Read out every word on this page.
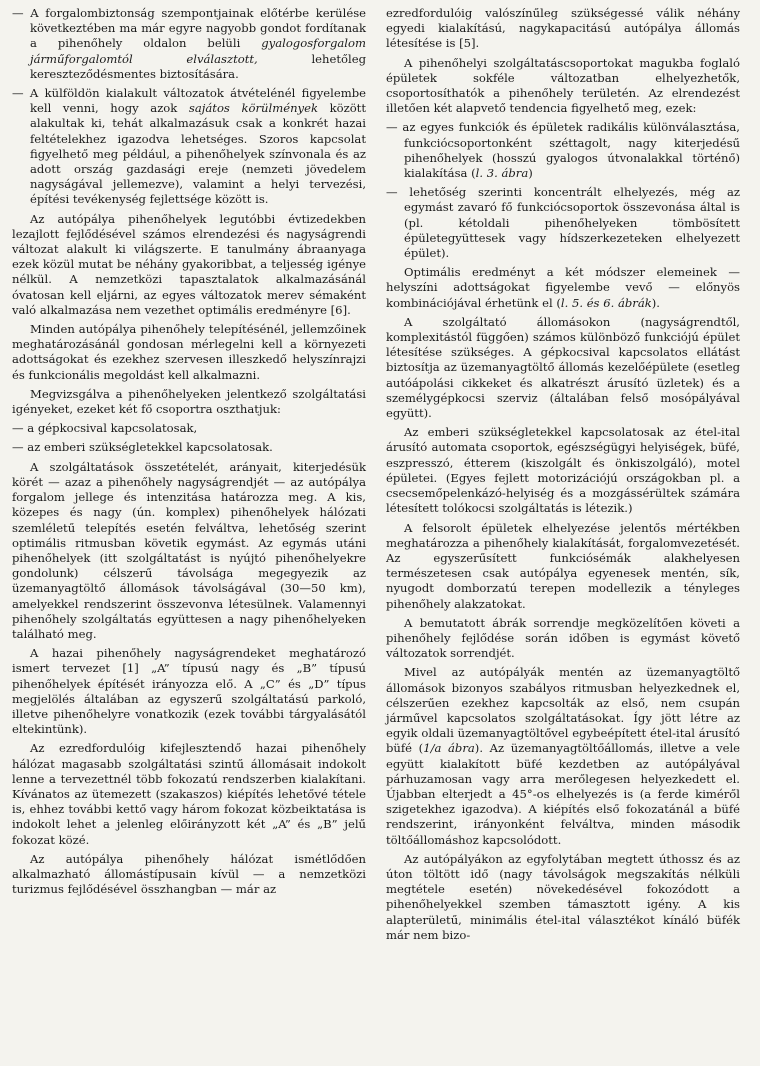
— A forgalombiztonság szempontjainak előtérbe kerülése következtében ma már egyre nagyobb gondot fordítanak a pihenőhely oldalon belüli gyalogosforgalom járműforgalomtól elválasztott, lehetőleg kereszteződésmentes biztosítására.

— A külföldön kialakult változatok átvételénél figyelembe kell venni, hogy azok sajátos körülmények között alakultak ki, tehát alkalmazásuk csak a konkrét hazai feltételekhez igazodva lehetséges. Szoros kapcsolat figyelhető meg például, a pihenőhelyek színvonala és az adott ország gazdasági ereje (nemzeti jövedelem nagyságával jellemezve), valamint a helyi tervezési, építési tevékenység fejlettsége között is.

Az autópálya pihenőhelyek legutóbbi évtizedekben lezajlott fejlődésével számos elrendezési és nagyságrendi változat alakult ki világszerte. E tanulmány ábraanyaga ezek közül mutat be néhány gyakoribbat, a teljesség igénye nélkül. A nemzetközi tapasztalatok alkalmazásánál óvatosan kell eljárni, az egyes változatok merev sémaként való alkalmazása nem vezethet optimális eredményre [6].

Minden autópálya pihenőhely telepítésénél, jellemzőinek meghatározásánál gondosan mérlegelni kell a környezeti adottságokat és ezekhez szervesen illeszkedő helyszínrajzi és funkcionális megoldást kell alkalmazni.

Megvizsgálva a pihenőhelyeken jelentkező szolgáltatási igényeket, ezeket két fő csoportra oszthatjuk:

— a gépkocsival kapcsolatosak,

— az emberi szükségletekkel kapcsolatosak.

A szolgáltatások összetételét, arányait, kiterjedésük körét — azaz a pihenőhely nagyságrendjét — az autópálya forgalom jellege és intenzitása határozza meg. A kis, közepes és nagy (ún. komplex) pihenőhelyek hálózati szemléletű telepítés esetén felváltva, lehetőség szerint optimális ritmusban követik egymást. Az egymás utáni pihenőhelyek (itt szolgáltatást is nyújtó pihenőhelyekre gondolunk) célszerű távolsága megegyezik az üzemanyagtöltő állomások távolságával (30—50 km), amelyekkel rendszerint összevonva létesülnek. Valamennyi pihenőhely szolgáltatás együttesen a nagy pihenőhelyeken található meg.

A hazai pihenőhely nagyságrendeket meghatározó ismert tervezet [1] „A” típusú nagy és „B” típusú pihenőhelyek építését irányozza elő. A „C” és „D” típus megjelölés általában az egyszerű szolgáltatású parkoló, illetve pihenőhelyre vonatkozik (ezek további tárgyalásától eltekintünk).

Az ezredfordulóig kifejlesztendő hazai pihenőhely hálózat magasabb szolgáltatási szintű állomásait indokolt lenne a tervezettnél több fokozatú rendszerben kialakítani. Kívánatos az ütemezett (szakaszos) kiépítés lehetővé tétele is, ehhez további kettő vagy három fokozat közbeiktatása is indokolt lehet a jelenleg előirányzott két „A” és „B” jelű fokozat közé.

Az autópálya pihenőhely hálózat ismétlődően alkalmazható állomástípusain kívül — a nemzetközi turizmus fejlődésével összhangban — már az

ezredfordulóig valószínűleg szükségessé válik néhány egyedi kialakítású, nagykapacitású autópálya állomás létesítése is [5].

A pihenőhelyi szolgáltatáscsoportokat magukba foglaló épületek sokféle változatban elhelyezhetők, csoportosíthatók a pihenőhely területén. Az elrendezést illetően két alapvető tendencia figyelhető meg, ezek:

— az egyes funkciók és épületek radikális különválasztása, funkciócsoportonként széttagolt, nagy kiterjedésű pihenőhelyek (hosszú gyalogos útvonalakkal történő) kialakítása (l. 3. ábra)

— lehetőség szerinti koncentrált elhelyezés, még az egymást zavaró fő funkciócsoportok összevonása által is (pl. kétoldali pihenőhelyeken tömbösített épületegyüttesek vagy hídszerkezeteken elhelyezett épület).

Optimális eredményt a két módszer elemeinek — helyszíni adottságokat figyelembe vevő — előnyös kombinációjával érhetünk el (l. 5. és 6. ábrák).

A szolgáltató állomásokon (nagyságrendtől, komplexitástól függően) számos különböző funkciójú épület létesítése szükséges. A gépkocsival kapcsolatos ellátást biztosítja az üzemanyagtöltő állomás kezelőépülete (esetleg autóápolási cikkeket és alkatrészt árusító üzletek) és a személygépkocsi szerviz (általában felső mosópályával együtt).

Az emberi szükségletekkel kapcsolatosak az étel-ital árusító automata csoportok, egészségügyi helyiségek, büfé, eszpresszó, étterem (kiszolgált és önkiszolgáló), motel épületei. (Egyes fejlett motorizációjú országokban pl. a csecsemőpelenkázó-helyiség és a mozgássérültek számára létesített tolókocsi szolgáltatás is létezik.)

A felsorolt épületek elhelyezése jelentős mértékben meghatározza a pihenőhely kialakítását, forgalomvezetését. Az egyszerűsített funkciósémák alakhelyesen természetesen csak autópálya egyenesek mentén, sík, nyugodt domborzatú terepen modellezik a tényleges pihenőhely alakzatokat.

A bemutatott ábrák sorrendje megközelítően követi a pihenőhely fejlődése során időben is egymást követő változatok sorrendjét.

Mivel az autópályák mentén az üzemanyagtöltő állomások bizonyos szabályos ritmusban helyezkednek el, célszerűen ezekhez kapcsolták az első, nem csupán járművel kapcsolatos szolgáltatásokat. Így jött létre az egyik oldali üzemanyagtöltővel egybeépített étel-ital árusító büfé (1/a ábra). Az üzemanyagtöltőállomás, illetve a vele együtt kialakított büfé kezdetben az autópályával párhuzamosan vagy arra merőlegesen helyezkedett el. Újabban elterjedt a 45°-os elhelyezés is (a ferde kiméről szigetekhez igazodva). A kiépítés első fokozatánál a büfé rendszerint, irányonként felváltva, minden második töltőállomáshoz kapcsolódott.

Az autópályákon az egyfolytában megtett úthossz és az úton töltött idő (nagy távolságok megszakítás nélküli megtétele esetén) növekedésével fokozódott a pihenőhelyekkel szemben támasztott igény. A kis alapterületű, minimális étel-ital választékot kínáló büfék már nem bizo-
